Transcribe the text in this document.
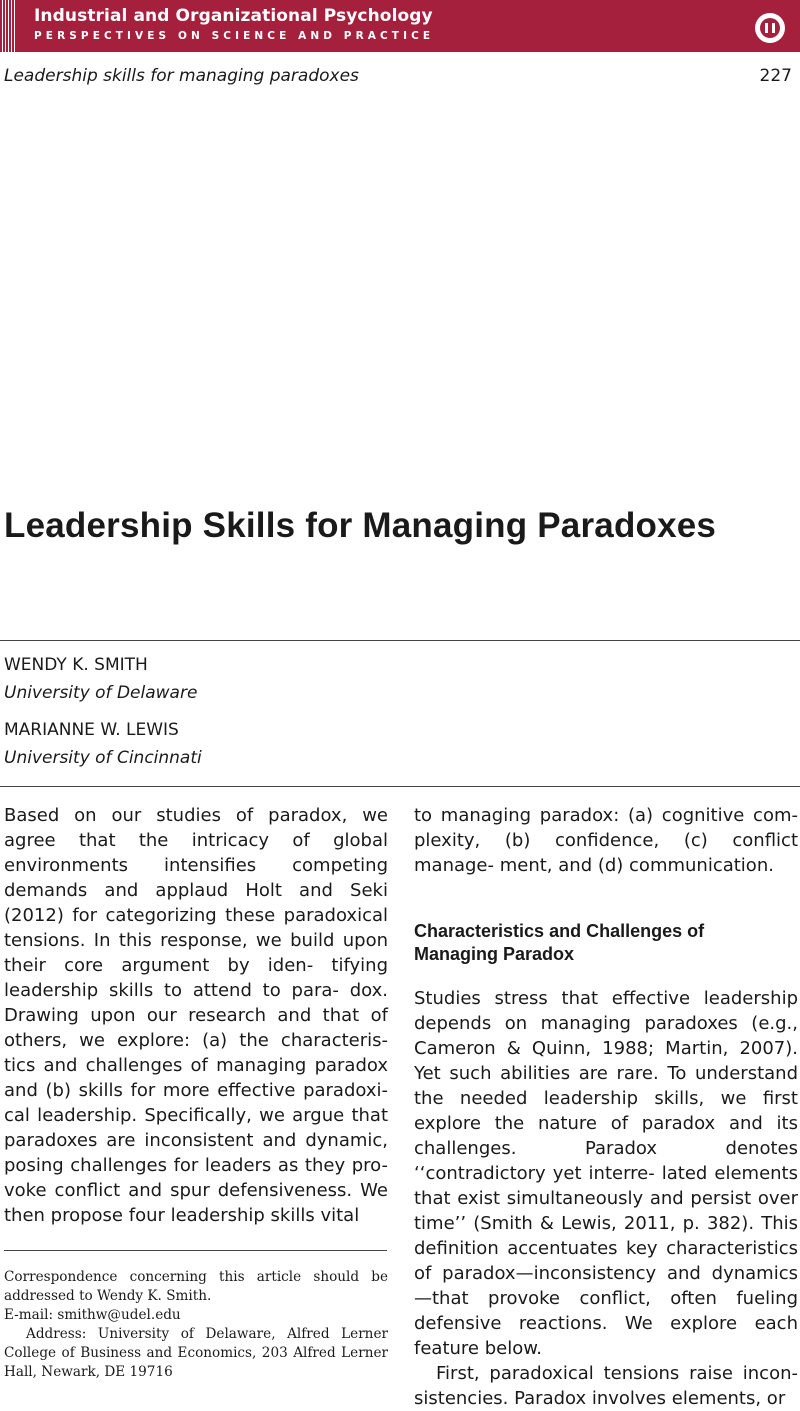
Industrial and Organizational Psychology
PERSPECTIVES ON SCIENCE AND PRACTICE
Leadership skills for managing paradoxes	227
Leadership Skills for Managing Paradoxes
WENDY K. SMITH
University of Delaware
MARIANNE W. LEWIS
University of Cincinnati

Based on our studies of paradox, we agree that the intricacy of global environments intensifies competing demands and applaud Holt and Seki (2012) for categorizing these paradoxical tensions. In this response, we build upon their core argument by iden- tifying leadership skills to attend to para- dox. Drawing upon our research and that of others, we explore: (a) the characteris- tics and challenges of managing paradox and (b) skills for more effective paradoxi- cal leadership. Specifically, we argue that paradoxes are inconsistent and dynamic, posing challenges for leaders as they pro- voke conflict and spur defensiveness. We then propose four leadership skills vital

to managing paradox: (a) cognitive com- plexity, (b) confidence, (c) conflict manage- ment, and (d) communication.

Characteristics and Challenges of
Managing Paradox

Studies stress that effective leadership depends on managing paradoxes (e.g., Cameron & Quinn, 1988; Martin, 2007). Yet such abilities are rare. To understand the needed leadership skills, we first explore the nature of paradox and its challenges.	Paradox denotes ‘‘contradictory yet interre- lated elements that exist simultaneously and persist over time’’ (Smith & Lewis, 2011, p. 382). This definition accentuates key characteristics of paradox—inconsistency and dynamics—that provoke conflict, often fueling defensive reactions. We explore each feature below.

First, paradoxical tensions raise incon- sistencies. Paradox involves elements, or

Correspondence concerning this article should be addressed to Wendy K. Smith.

E-mail: smithw@udel.edu

Address: University of Delaware, Alfred Lerner College of Business and Economics, 203 Alfred Lerner Hall, Newark, DE 19716
